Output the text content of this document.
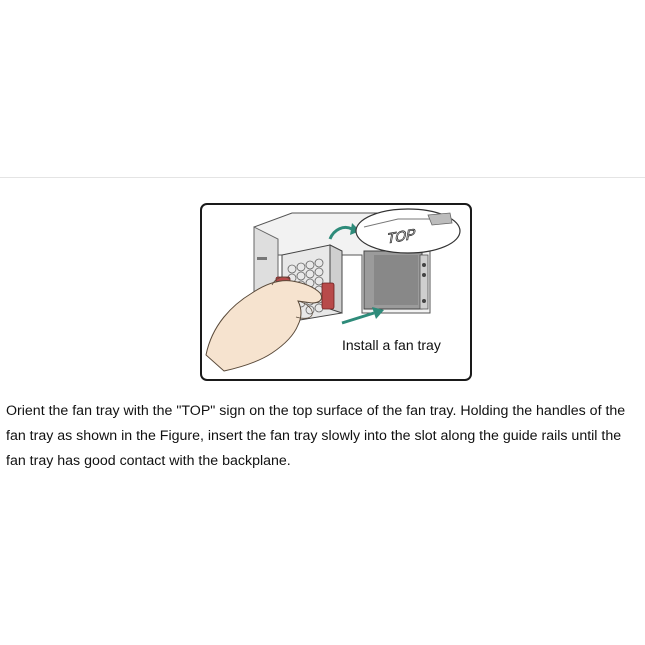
TOP
Install a fan tray

Orient the fan tray with the "TOP" sign on the top surface of the fan tray. Holding the handles of the fan tray as shown in the Figure, insert the fan tray slowly into the slot along the guide rails until the fan tray has good contact with the backplane.
